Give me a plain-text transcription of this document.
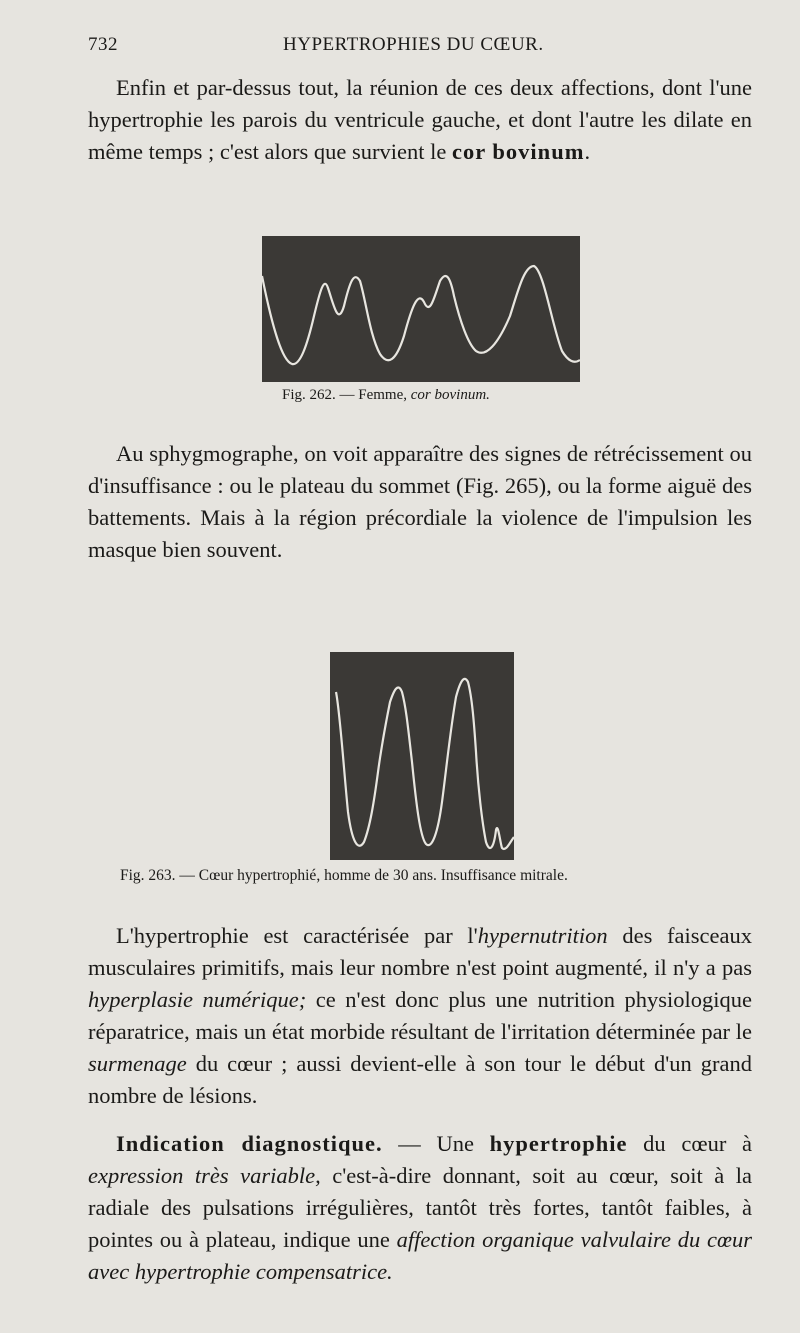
732	HYPERTROPHIES DU CŒUR.

Enfin et par-dessus tout, la réunion de ces deux affections, dont l'une hypertrophie les parois du ventricule gauche, et dont l'autre les dilate en même temps ; c'est alors que survient le cor bovinum.

Fig. 262. — Femme, cor bovinum.

Au sphygmographe, on voit apparaître des signes de rétrécissement ou d'insuffisance : ou le plateau du sommet (Fig. 265), ou la forme aiguë des battements. Mais à la région précordiale la violence de l'impulsion les masque bien souvent.

Fig. 263. — Cœur hypertrophié, homme de 30 ans. Insuffisance mitrale.

L'hypertrophie est caractérisée par l'hypernutrition des faisceaux musculaires primitifs, mais leur nombre n'est point augmenté, il n'y a pas hyperplasie numérique; ce n'est donc plus une nutrition physiologique réparatrice, mais un état morbide résultant de l'irritation déterminée par le surmenage du cœur ; aussi devient-elle à son tour le début d'un grand nombre de lésions.

Indication diagnostique. — Une hypertrophie du cœur à expression très variable, c'est-à-dire donnant, soit au cœur, soit à la radiale des pulsations irrégulières, tantôt très fortes, tantôt faibles, à pointes ou à plateau, indique une affection organique valvulaire du cœur avec hypertrophie compensatrice.
